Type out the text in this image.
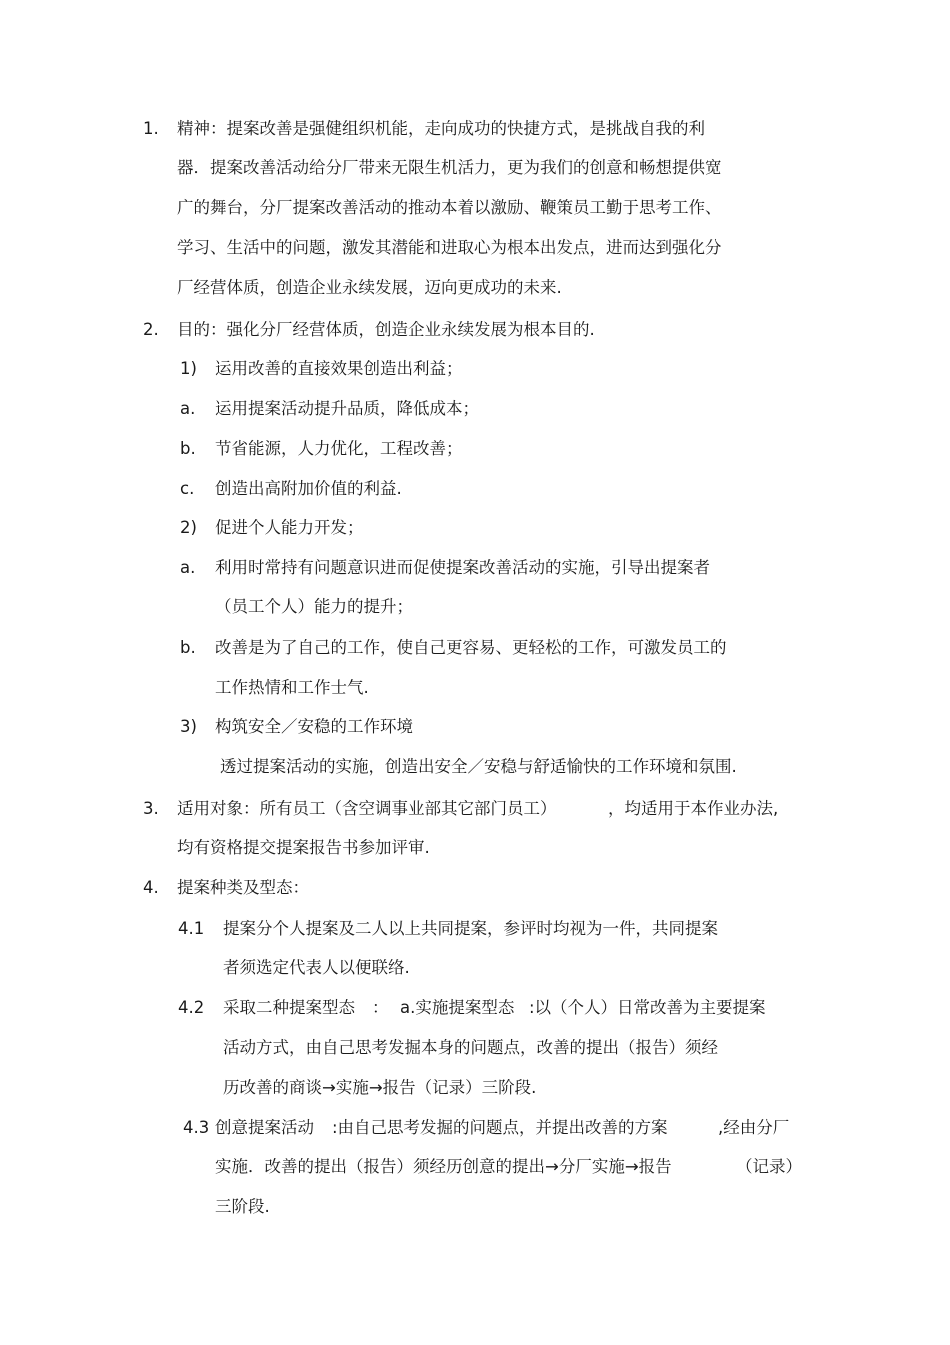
1. 精神：提案改善是强健组织机能，走向成功的快捷方式，是挑战自我的利
器．提案改善活动给分厂带来无限生机活力，更为我们的创意和畅想提供宽
广的舞台，分厂提案改善活动的推动本着以激励、鞭策员工勤于思考工作、
学习、生活中的问题，激发其潜能和进取心为根本出发点，进而达到强化分
厂经营体质，创造企业永续发展，迈向更成功的未来.
2. 目的：强化分厂经营体质，创造企业永续发展为根本目的.
1) 运用改善的直接效果创造出利益；
a. 运用提案活动提升品质，降低成本；
b. 节省能源，人力优化，工程改善；
c. 创造出高附加价值的利益.
2) 促进个人能力开发；
a. 利用时常持有问题意识进而促使提案改善活动的实施，引导出提案者
（员工个人）能力的提升；
b. 改善是为了自己的工作，使自己更容易、更轻松的工作，可激发员工的
工作热情和工作士气.
3) 构筑安全／安稳的工作环境
透过提案活动的实施，创造出安全／安稳与舒适愉快的工作环境和氛围.
3. 适用对象：所有员工（含空调事业部其它部门员工）	，均适用于本作业办法,
均有资格提交提案报告书参加评审.
4. 提案种类及型态：
4.1 提案分个人提案及二人以上共同提案，参评时均视为一件，共同提案
者须选定代表人以便联络.
4.2 采取二种提案型态 ： a.实施提案型态 :以（个人）日常改善为主要提案
活动方式，由自己思考发掘本身的问题点，改善的提出（报告）须经
历改善的商谈→实施→报告（记录）三阶段.
4.3 创意提案活动 :由自己思考发掘的问题点，并提出改善的方案	,经由分厂
实施．改善的提出（报告）须经历创意的提出→分厂实施→报告	（记录）
三阶段.
